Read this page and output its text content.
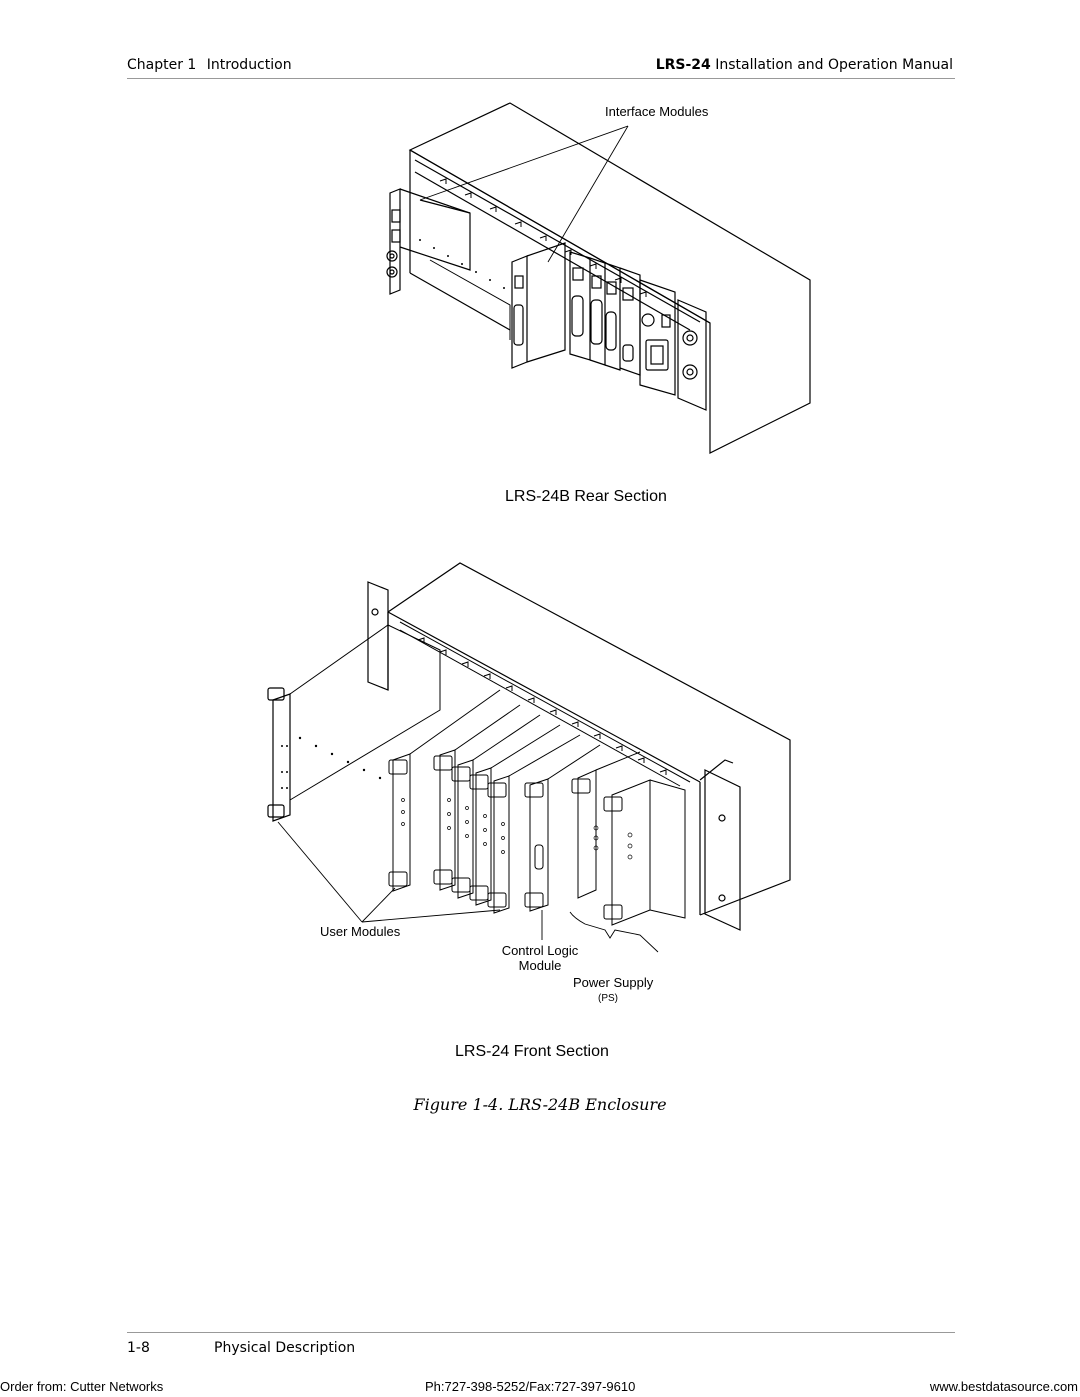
Chapter 1 Introduction	LRS-24 Installation and Operation Manual
Interface Modules
LRS-24B Rear Section
User Modules
Control Logic
Module
Power Supply
(PS)
LRS-24 Front Section
Figure 1-4. LRS-24B Enclosure
1-8	Physical Description
Order from: Cutter Networks	Ph:727-398-5252/Fax:727-397-9610	www.bestdatasource.com
